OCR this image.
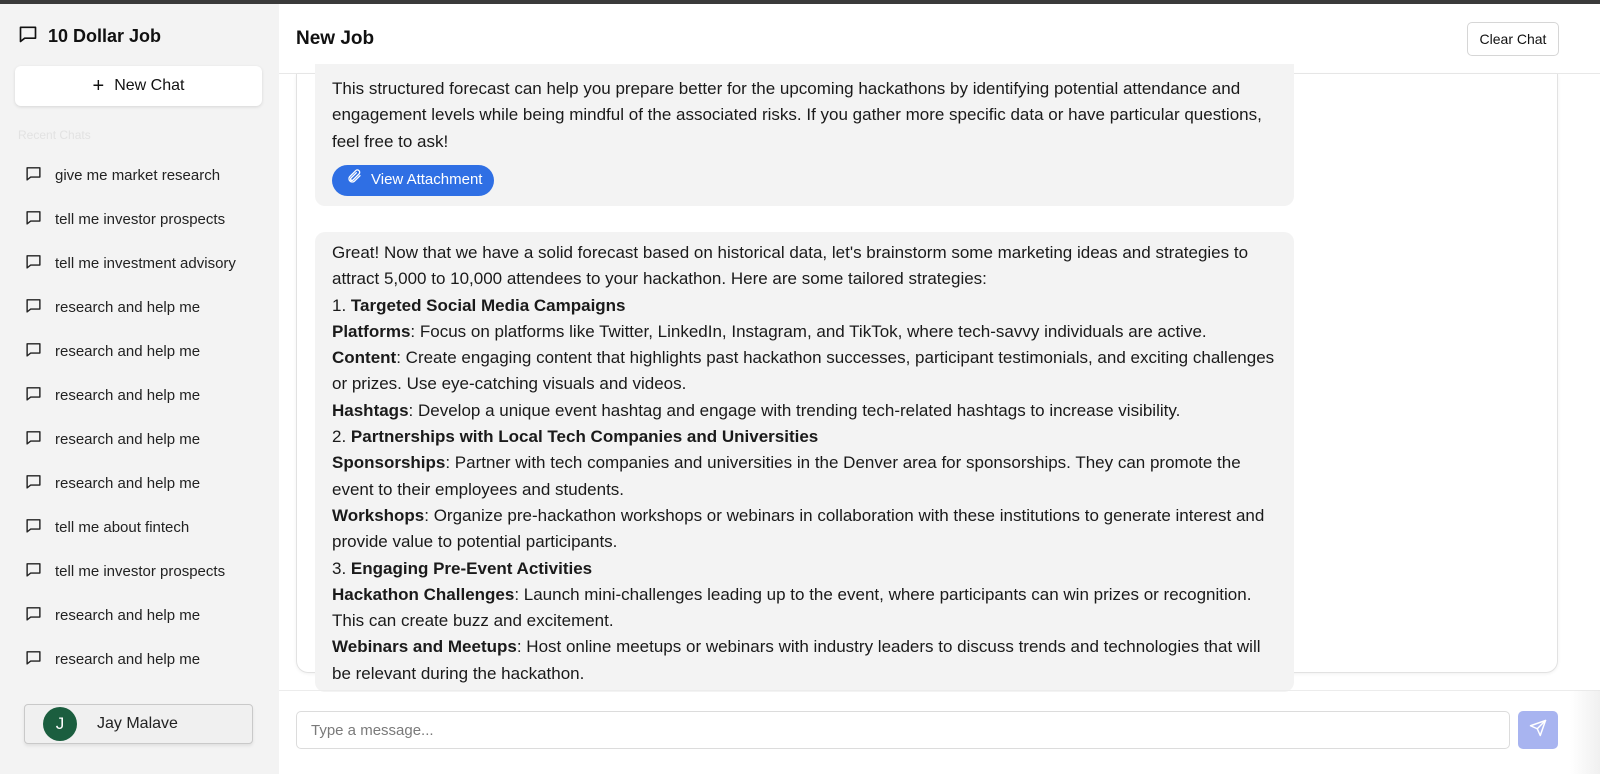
10 Dollar Job
+ New Chat
Recent Chats
give me market research
tell me investor prospects
tell me investment advisory
research and help me
research and help me
research and help me
research and help me
research and help me
tell me about fintech
tell me investor prospects
research and help me
research and help me
J	Jay Malave
New Job	Clear Chat
This structured forecast can help you prepare better for the upcoming hackathons by identifying potential attendance and engagement levels while being mindful of the associated risks. If you gather more specific data or have particular questions, feel free to ask!
View Attachment
Great! Now that we have a solid forecast based on historical data, let's brainstorm some marketing ideas and strategies to attract 5,000 to 10,000 attendees to your hackathon. Here are some tailored strategies:
1. Targeted Social Media Campaigns
Platforms: Focus on platforms like Twitter, LinkedIn, Instagram, and TikTok, where tech-savvy individuals are active.
Content: Create engaging content that highlights past hackathon successes, participant testimonials, and exciting challenges or prizes. Use eye-catching visuals and videos.
Hashtags: Develop a unique event hashtag and engage with trending tech-related hashtags to increase visibility.
2. Partnerships with Local Tech Companies and Universities
Sponsorships: Partner with tech companies and universities in the Denver area for sponsorships. They can promote the event to their employees and students.
Workshops: Organize pre-hackathon workshops or webinars in collaboration with these institutions to generate interest and provide value to potential participants.
3. Engaging Pre-Event Activities
Hackathon Challenges: Launch mini-challenges leading up to the event, where participants can win prizes or recognition. This can create buzz and excitement.
Webinars and Meetups: Host online meetups or webinars with industry leaders to discuss trends and technologies that will be relevant during the hackathon.
Type a message...
